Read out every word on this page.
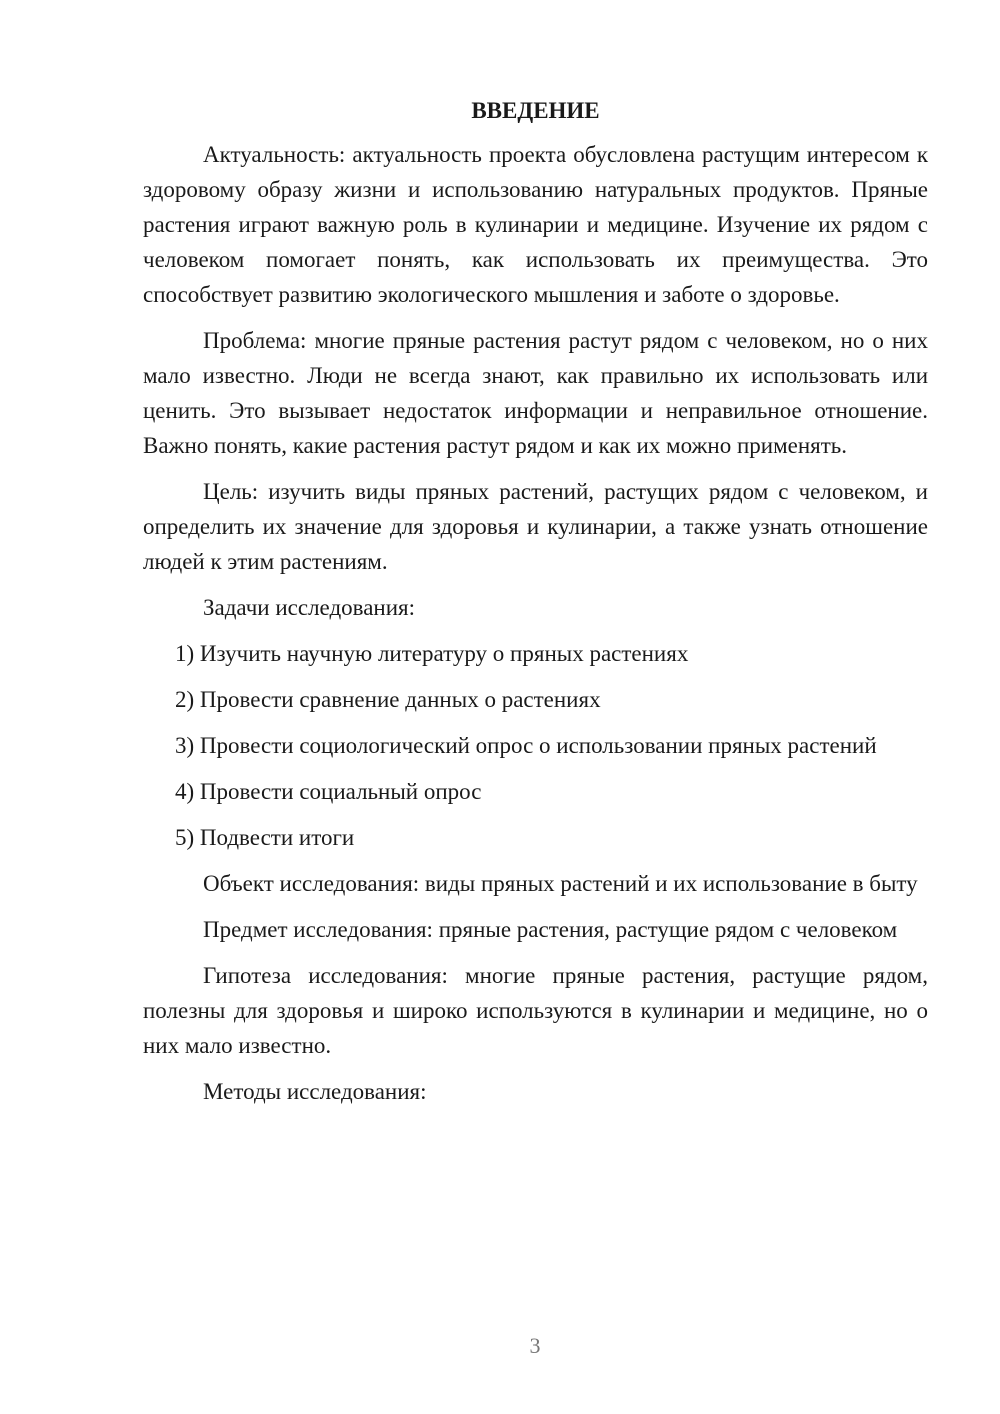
ВВЕДЕНИЕ

Актуальность: актуальность проекта обусловлена растущим интересом к здоровому образу жизни и использованию натуральных продуктов. Пряные растения играют важную роль в кулинарии и медицине. Изучение их рядом с человеком помогает понять, как использовать их преимущества. Это способствует развитию экологического мышления и заботе о здоровье.

Проблема: многие пряные растения растут рядом с человеком, но о них мало известно. Люди не всегда знают, как правильно их использовать или ценить. Это вызывает недостаток информации и неправильное отношение. Важно понять, какие растения растут рядом и как их можно применять.

Цель: изучить виды пряных растений, растущих рядом с человеком, и определить их значение для здоровья и кулинарии, а также узнать отношение людей к этим растениям.

Задачи исследования:

1) Изучить научную литературу о пряных растениях

2) Провести сравнение данных о растениях

3) Провести социологический опрос о использовании пряных растений

4) Провести социальный опрос

5) Подвести итоги

Объект исследования: виды пряных растений и их использование в быту

Предмет исследования: пряные растения, растущие рядом с человеком

Гипотеза исследования: многие пряные растения, растущие рядом, полезны для здоровья и широко используются в кулинарии и медицине, но о них мало известно.

Методы исследования:

3
